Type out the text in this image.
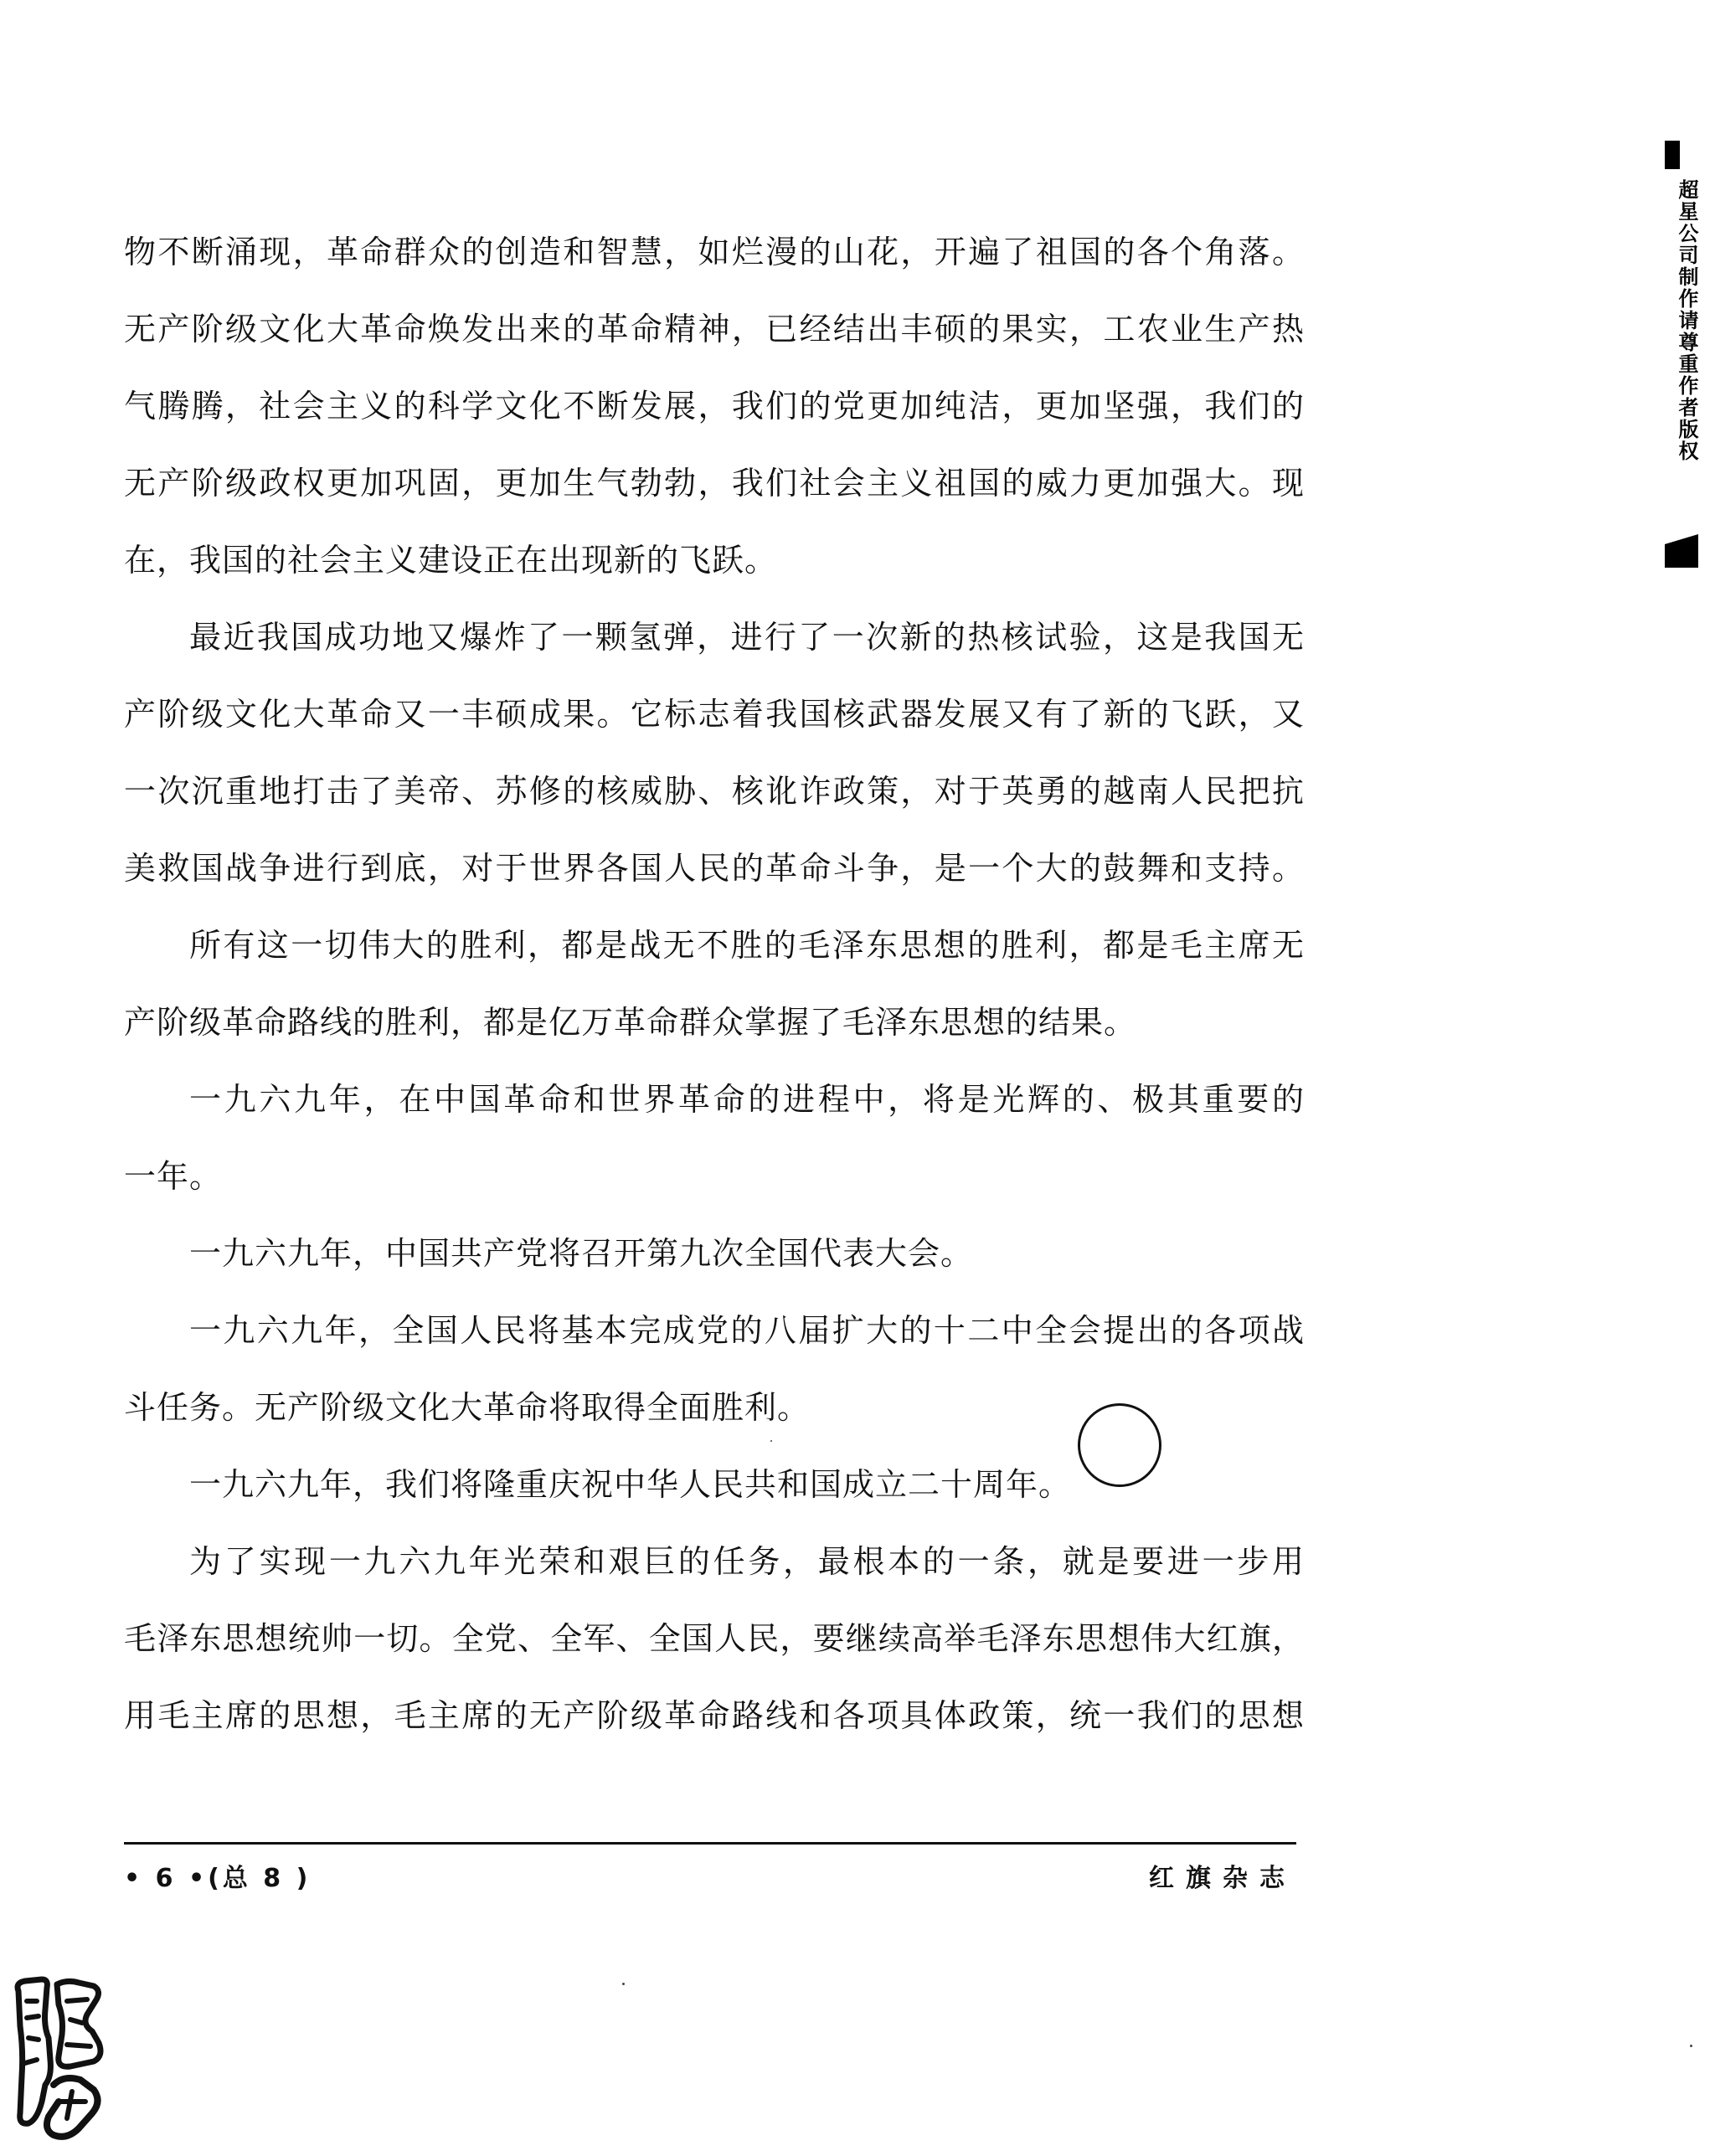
物不断涌现，革命群众的创造和智慧，如烂漫的山花，开遍了祖国的各个角落。
无产阶级文化大革命焕发出来的革命精神，已经结出丰硕的果实，工农业生产热
气腾腾，社会主义的科学文化不断发展，我们的党更加纯洁，更加坚强，我们的
无产阶级政权更加巩固，更加生气勃勃，我们社会主义祖国的威力更加强大。现
在，我国的社会主义建设正在出现新的飞跃。
最近我国成功地又爆炸了一颗氢弹，进行了一次新的热核试验，这是我国无
产阶级文化大革命又一丰硕成果。它标志着我国核武器发展又有了新的飞跃，又
一次沉重地打击了美帝、苏修的核威胁、核讹诈政策，对于英勇的越南人民把抗
美救国战争进行到底，对于世界各国人民的革命斗争，是一个大的鼓舞和支持。
所有这一切伟大的胜利，都是战无不胜的毛泽东思想的胜利，都是毛主席无
产阶级革命路线的胜利，都是亿万革命群众掌握了毛泽东思想的结果。
一九六九年，在中国革命和世界革命的进程中，将是光辉的、极其重要的
一年。
一九六九年，中国共产党将召开第九次全国代表大会。
一九六九年，全国人民将基本完成党的八届扩大的十二中全会提出的各项战
斗任务。无产阶级文化大革命将取得全面胜利。
一九六九年，我们将隆重庆祝中华人民共和国成立二十周年。
为了实现一九六九年光荣和艰巨的任务，最根本的一条，就是要进一步用
毛泽东思想统帅一切。全党、全军、全国人民，要继续高举毛泽东思想伟大红旗，
用毛主席的思想，毛主席的无产阶级革命路线和各项具体政策，统一我们的思想
• 6 •(总 8 )	红旗杂志
超星公司制作请尊重作者版权
